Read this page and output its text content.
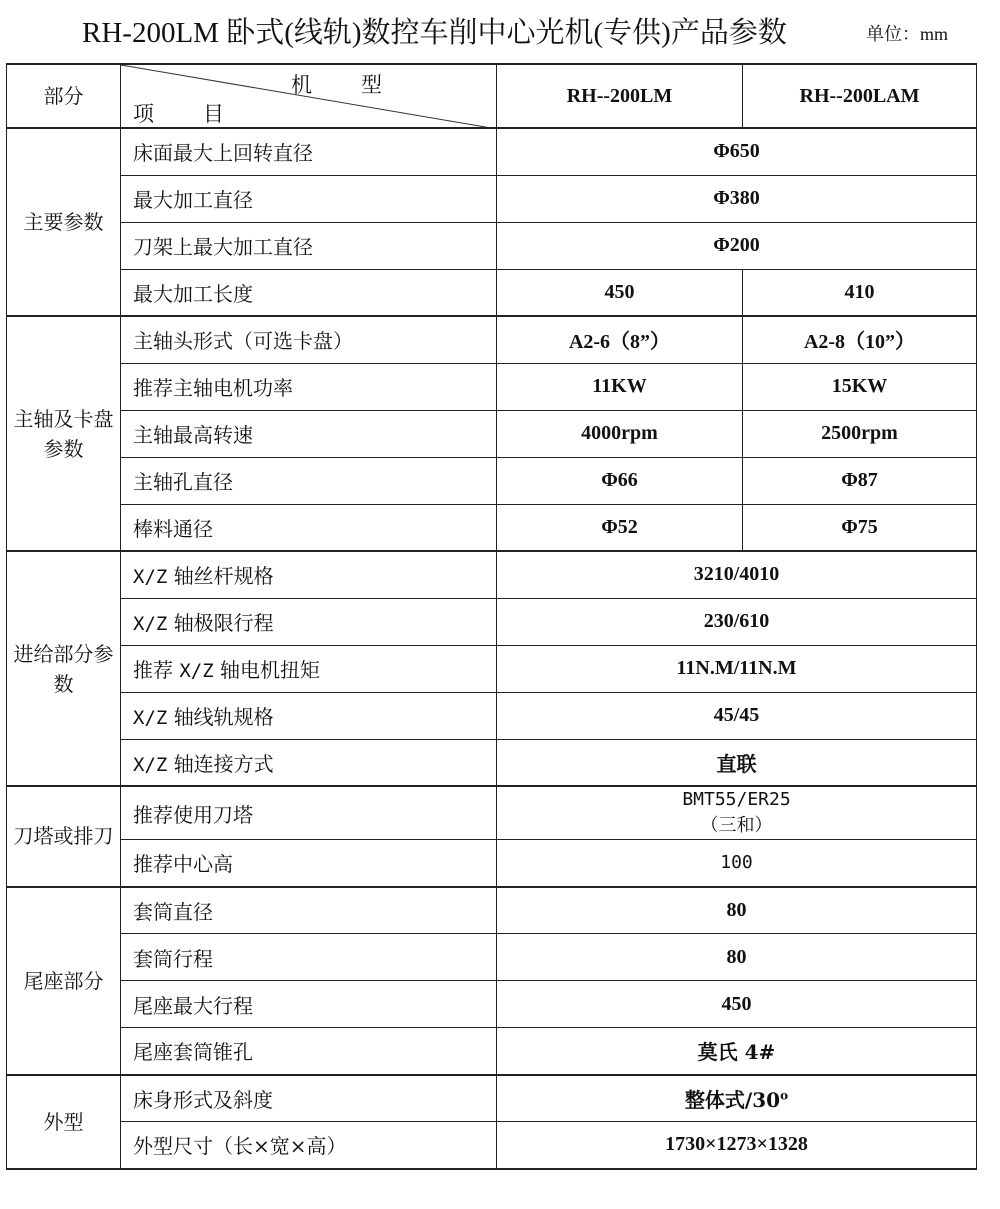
RH-200LM 卧式(线轨)数控车削中心光机(专供)产品参数	单位：mm
部分	机　型
项　目	RH--200LM	RH--200LAM
主要参数	床面最大上回转直径	Φ650	
	最大加工直径	Φ380	
	刀架上最大加工直径	Φ200	
	最大加工长度	450	410
主轴及卡盘参数	主轴头形式（可选卡盘）	A2-6（8”）	A2-8（10”）
	推荐主轴电机功率	11KW	15KW
	主轴最高转速	4000rpm	2500rpm
	主轴孔直径	Φ66	Φ87
	棒料通径	Φ52	Φ75
进给部分参数	X/Z 轴丝杆规格	3210/4010	
	X/Z 轴极限行程	230/610	
	推荐 X/Z 轴电机扭矩	11N.M/11N.M	
	X/Z 轴线轨规格	45/45	
	X/Z 轴连接方式	直联	
刀塔或排刀	推荐使用刀塔	BMT55/ER25
（三和）	

	推荐中心高	100	
尾座部分	套筒直径	80	
	套筒行程	80	
	尾座最大行程	450	
	尾座套筒锥孔	莫氏 4#	
外型	床身形式及斜度	整体式/30$^o$
	外型尺寸（长×宽×高）	1730×1273×1328	
